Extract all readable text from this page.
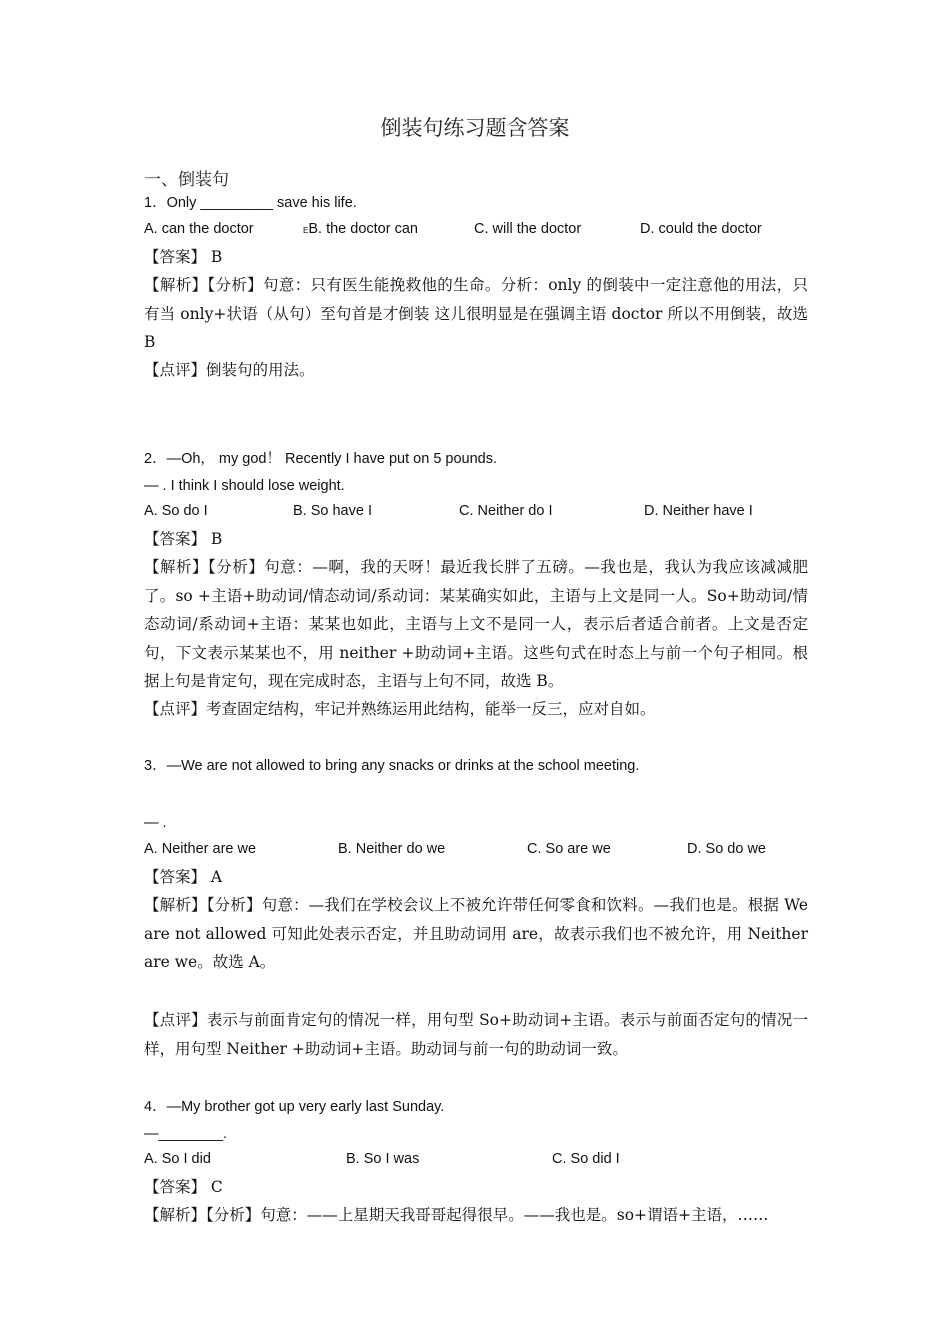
倒装句练习题含答案
一、倒装句
1．Only _________ save his life.
A. can the doctor	EB. the doctor can	C. will the doctor	D. could the doctor
【答案】 B
【解析】【分析】句意：只有医生能挽救他的生命。分析：only 的倒装中一定注意他的用法，只有当 only+状语（从句）至句首是才倒装 这儿很明显是在强调主语 doctor 所以不用倒装，故选 B
【点评】倒装句的用法。
2．—Oh， my god！ Recently I have put on 5 pounds.
— . I think I should lose weight.
A. So do I	B. So have I	C. Neither do I	D. Neither have I
【答案】 B
【解析】【分析】句意：—啊，我的天呀！最近我长胖了五磅。—我也是，我认为我应该减减肥了。so +主语+助动词/情态动词/系动词：某某确实如此，主语与上文是同一人。So+助动词/情态动词/系动词+主语：某某也如此，主语与上文不是同一人，表示后者适合前者。上文是否定句，下文表示某某也不，用 neither +助动词+主语。这些句式在时态上与前一个句子相同。根据上句是肯定句，现在完成时态，主语与上句不同，故选 B。
【点评】考查固定结构，牢记并熟练运用此结构，能举一反三，应对自如。
3．—We are not allowed to bring any snacks or drinks at the school meeting.
— .
A. Neither are we	B. Neither do we	C. So are we	D. So do we
【答案】 A
【解析】【分析】句意：—我们在学校会议上不被允许带任何零食和饮料。—我们也是。根据 We are not allowed 可知此处表示否定，并且助动词用 are，故表示我们也不被允许，用 Neither are we。故选 A。
【点评】表示与前面肯定句的情况一样，用句型 So+助动词+主语。表示与前面否定句的情况一样，用句型 Neither +助动词+主语。助动词与前一句的助动词一致。
4．—My brother got up very early last Sunday.
—________.
A. So I did	B. So I was	C. So did I
【答案】 C
【解析】【分析】句意：——上星期天我哥哥起得很早。——我也是。so+谓语+主语，……
